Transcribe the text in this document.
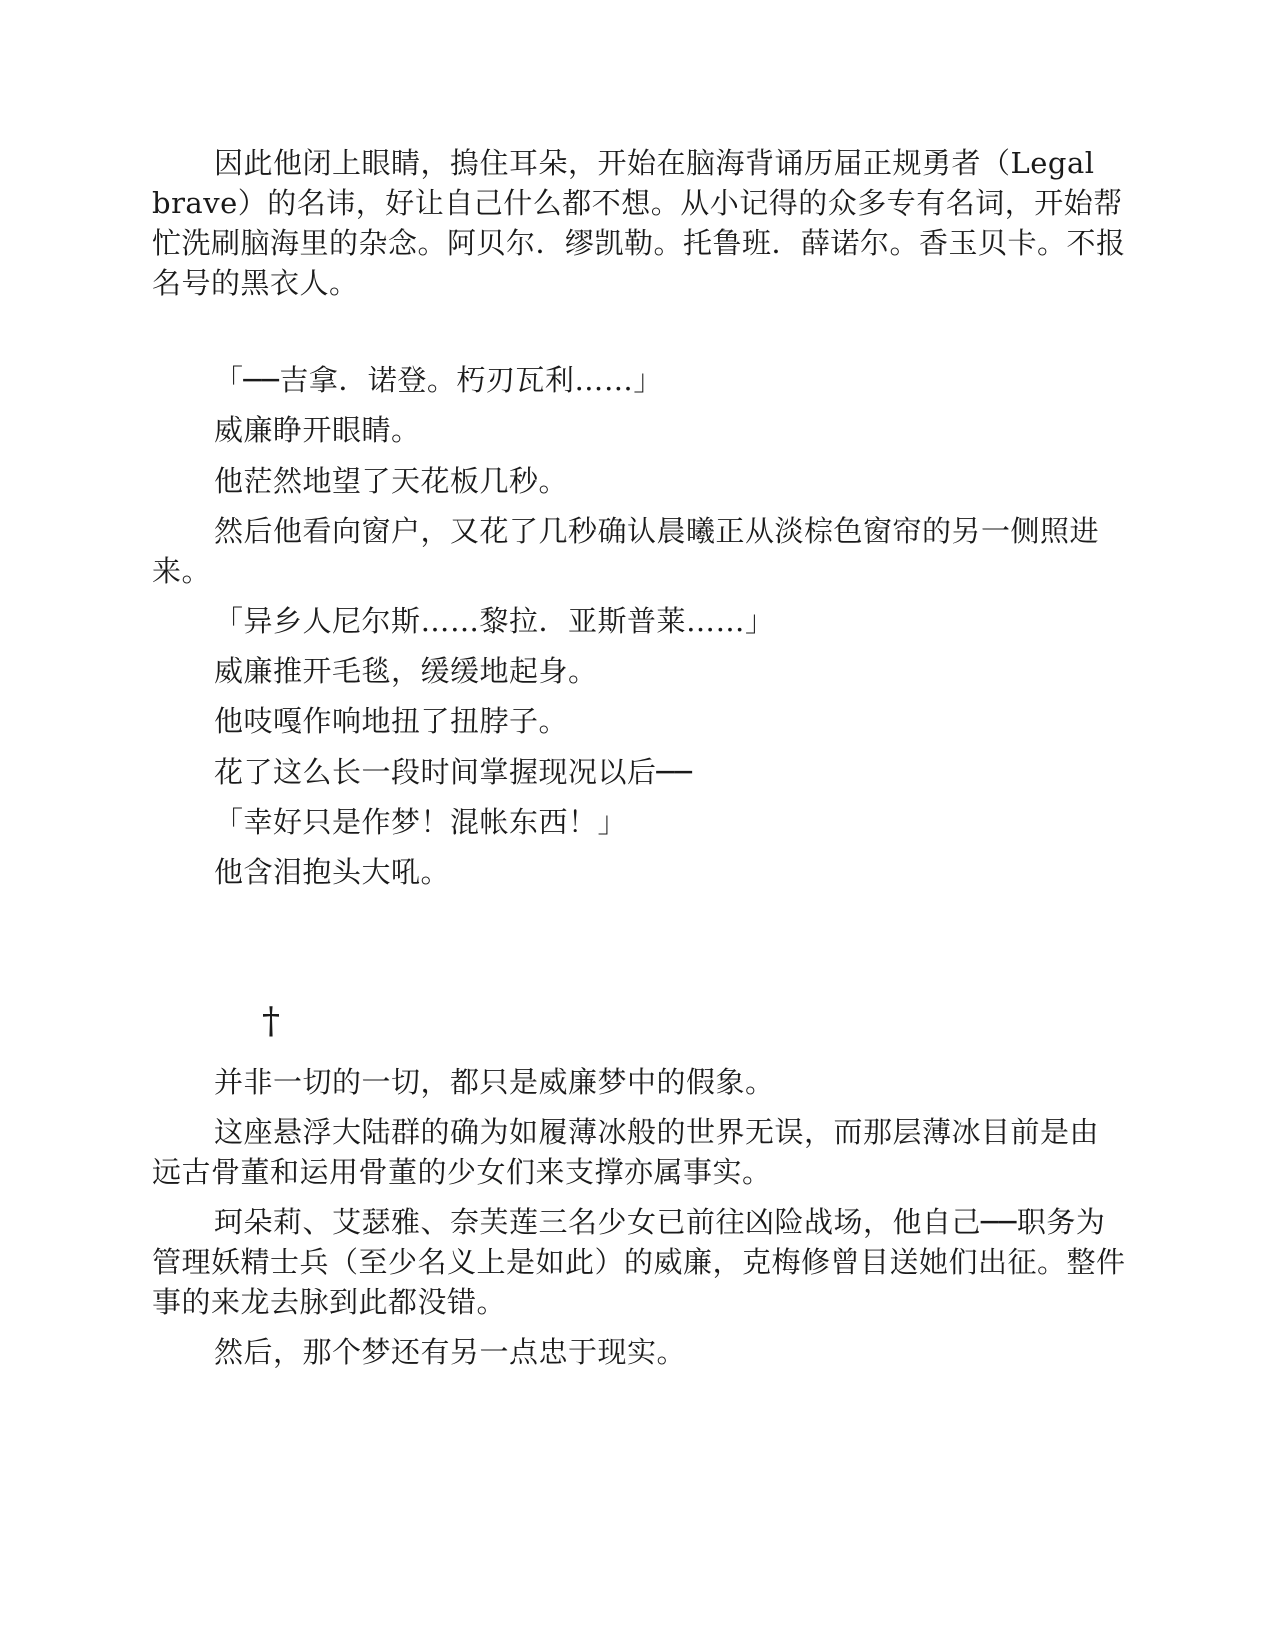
因此他闭上眼睛，摀住耳朵，开始在脑海背诵历届正规勇者（Legal　brave）的名讳，好让自己什么都不想。从小记得的众多专有名词，开始帮忙洗刷脑海里的杂念。阿贝尔．缪凯勒。托鲁班．薛诺尔。香玉贝卡。不报名号的黑衣人。

「──吉拿．诺登。朽刃瓦利……」

威廉睁开眼睛。

他茫然地望了天花板几秒。

然后他看向窗户，又花了几秒确认晨曦正从淡棕色窗帘的另一侧照进来。

「异乡人尼尔斯……黎拉．亚斯普莱……」

威廉推开毛毯，缓缓地起身。

他吱嘎作响地扭了扭脖子。

花了这么长一段时间掌握现况以后──

「幸好只是作梦！混帐东西！」

他含泪抱头大吼。

†

并非一切的一切，都只是威廉梦中的假象。

这座悬浮大陆群的确为如履薄冰般的世界无误，而那层薄冰目前是由远古骨董和运用骨董的少女们来支撑亦属事实。

珂朵莉、艾瑟雅、奈芙莲三名少女已前往凶险战场，他自己──职务为管理妖精士兵（至少名义上是如此）的威廉，克梅修曾目送她们出征。整件事的来龙去脉到此都没错。

然后，那个梦还有另一点忠于现实。
